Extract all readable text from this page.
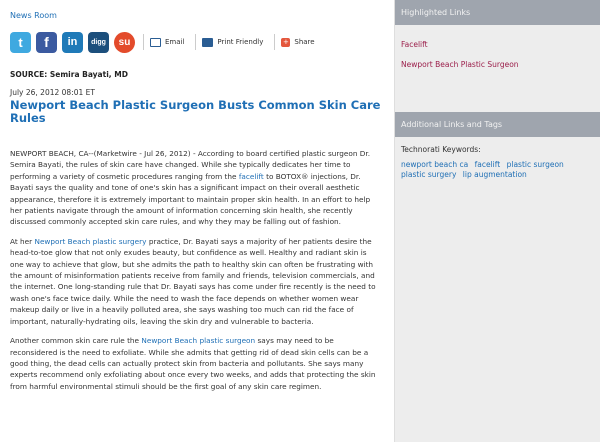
News Room
t	f	in	digg	su	Email	Print Friendly	+ Share
SOURCE: Semira Bayati, MD
July 26, 2012 08:01 ET
Newport Beach Plastic Surgeon Busts Common Skin Care Rules

NEWPORT BEACH, CA--(Marketwire - Jul 26, 2012) - According to board certified plastic surgeon Dr. Semira Bayati, the rules of skin care have changed. While she typically dedicates her time to performing a variety of cosmetic procedures ranging from the facelift to BOTOX® injections, Dr. Bayati says the quality and tone of one's skin has a significant impact on their overall aesthetic appearance, therefore it is extremely important to maintain proper skin health. In an effort to help her patients navigate through the amount of information concerning skin health, she recently discussed commonly accepted skin care rules, and why they may be falling out of fashion.

At her Newport Beach plastic surgery practice, Dr. Bayati says a majority of her patients desire the head-to-toe glow that not only exudes beauty, but confidence as well. Healthy and radiant skin is one way to achieve that glow, but she admits the path to healthy skin can often be frustrating with the amount of misinformation patients receive from family and friends, television commercials, and the internet. One long-standing rule that Dr. Bayati says has come under fire recently is the need to wash one's face twice daily. While the need to wash the face depends on whether women wear makeup daily or live in a heavily polluted area, she says washing too much can rid the face of important, naturally-hydrating oils, leaving the skin dry and vulnerable to bacteria.

Another common skin care rule the Newport Beach plastic surgeon says may need to be reconsidered is the need to exfoliate. While she admits that getting rid of dead skin cells can be a good thing, the dead cells can actually protect skin from bacteria and pollutants. She says many experts recommend only exfoliating about once every two weeks, and adds that protecting the skin from harmful environmental stimuli should be the first goal of any skin care regimen.

Highlighted Links
Facelift
Newport Beach Plastic Surgeon
Additional Links and Tags
Technorati Keywords:
newport beach ca facelift plastic surgeon plastic surgery lip augmentation
